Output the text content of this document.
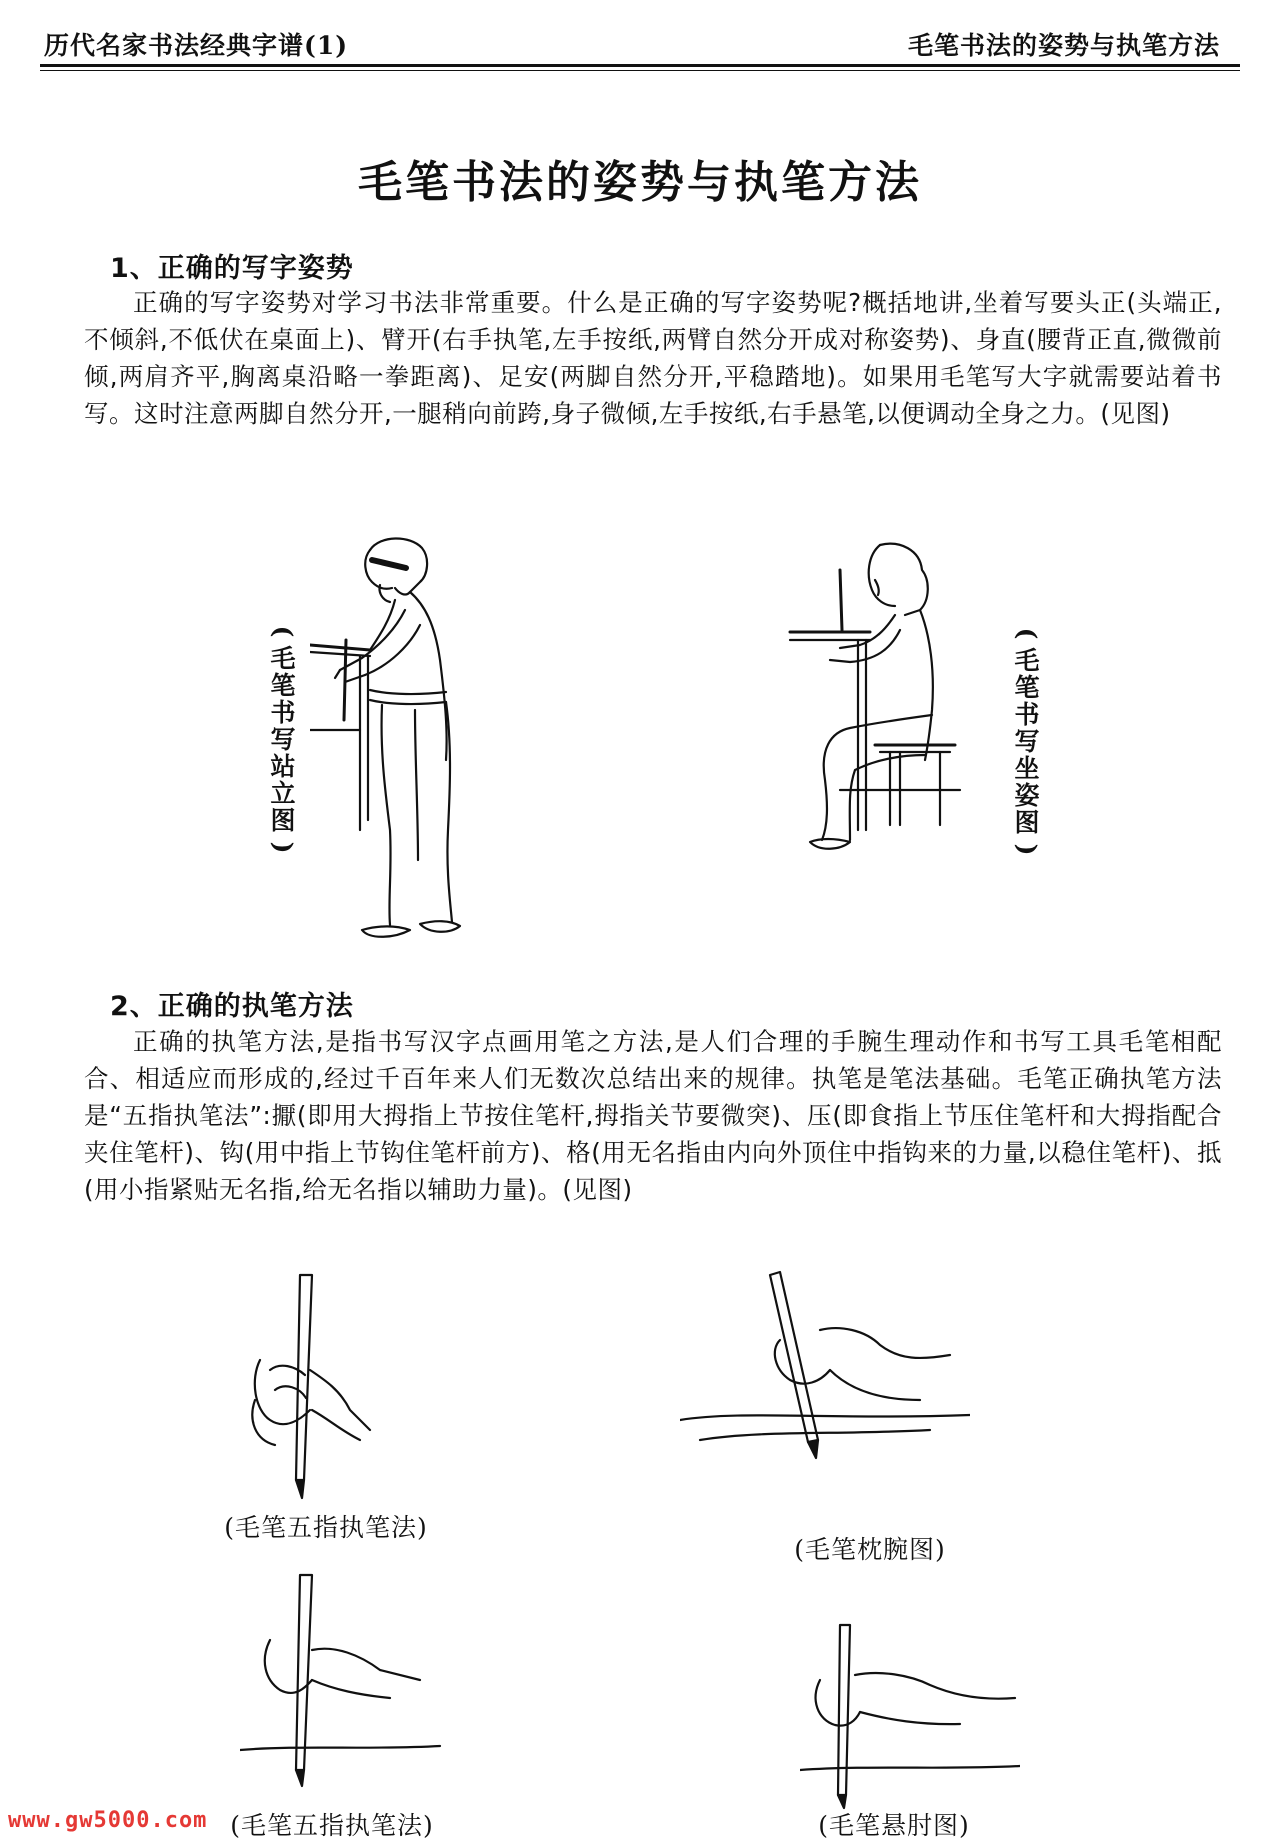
历代名家书法经典字谱(1)	毛笔书法的姿势与执笔方法
毛笔书法的姿势与执笔方法
1、正确的写字姿势
正确的写字姿势对学习书法非常重要。什么是正确的写字姿势呢?概括地讲,坐着写要头正(头端正,不倾斜,不低伏在桌面上)、臂开(右手执笔,左手按纸,两臂自然分开成对称姿势)、身直(腰背正直,微微前倾,两肩齐平,胸离桌沿略一拳距离)、足安(两脚自然分开,平稳踏地)。如果用毛笔写大字就需要站着书写。这时注意两脚自然分开,一腿稍向前跨,身子微倾,左手按纸,右手悬笔,以便调动全身之力。(见图)
(
毛笔书写站立图
)
(
毛笔书写坐姿图
)
2、正确的执笔方法
正确的执笔方法,是指书写汉字点画用笔之方法,是人们合理的手腕生理动作和书写工具毛笔相配合、相适应而形成的,经过千百年来人们无数次总结出来的规律。执笔是笔法基础。毛笔正确执笔方法是“五指执笔法”:擫(即用大拇指上节按住笔杆,拇指关节要微突)、压(即食指上节压住笔杆和大拇指配合夹住笔杆)、钩(用中指上节钩住笔杆前方)、格(用无名指由内向外顶住中指钩来的力量,以稳住笔杆)、抵(用小指紧贴无名指,给无名指以辅助力量)。(见图)
(毛笔五指执笔法)
(毛笔枕腕图)
(毛笔五指执笔法)	(毛笔悬肘图)
www.gw5000.com
